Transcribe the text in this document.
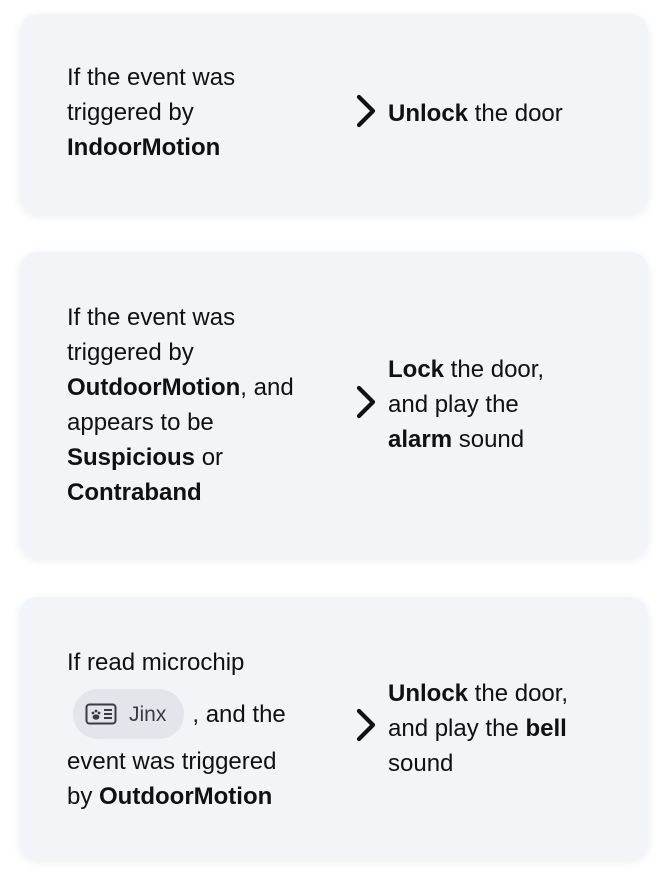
If the event was
triggered by
IndoorMotion
Unlock the door
If the event was
triggered by
OutdoorMotion, and
appears to be
Suspicious or
Contraband
Lock the door,
and play the
alarm sound
If read microchip
Jinx , and the
event was triggered
by OutdoorMotion
Unlock the door,
and play the bell
sound
